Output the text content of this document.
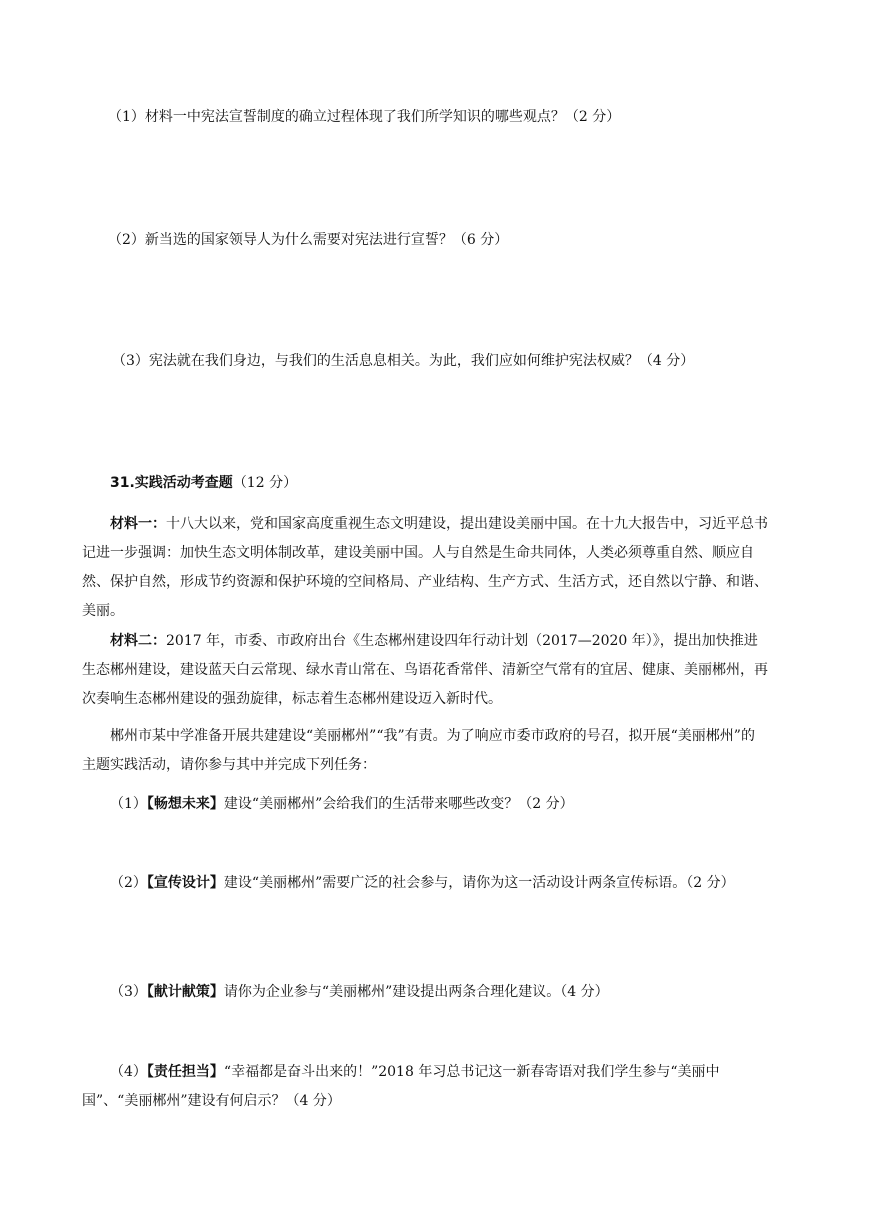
（1）材料一中宪法宣誓制度的确立过程体现了我们所学知识的哪些观点？（2 分）
（2）新当选的国家领导人为什么需要对宪法进行宣誓？（6 分）
（3）宪法就在我们身边，与我们的生活息息相关。为此，我们应如何维护宪法权威？（4 分）
31.实践活动考查题（12 分）
材料一：十八大以来，党和国家高度重视生态文明建设，提出建设美丽中国。在十九大报告中，习近平总书记进一步强调：加快生态文明体制改革，建设美丽中国。人与自然是生命共同体，人类必须尊重自然、顺应自然、保护自然，形成节约资源和保护环境的空间格局、产业结构、生产方式、生活方式，还自然以宁静、和谐、美丽。
材料二：2017 年，市委、市政府出台《生态郴州建设四年行动计划（2017—2020 年）》，提出加快推进生态郴州建设，建设蓝天白云常现、绿水青山常在、鸟语花香常伴、清新空气常有的宜居、健康、美丽郴州，再次奏响生态郴州建设的强劲旋律，标志着生态郴州建设迈入新时代。
郴州市某中学准备开展共建建设“美丽郴州”“我”有责。为了响应市委市政府的号召，拟开展“美丽郴州”的主题实践活动，请你参与其中并完成下列任务：
（1）【畅想未来】建设“美丽郴州”会给我们的生活带来哪些改变？（2 分）
（2）【宣传设计】建设“美丽郴州”需要广泛的社会参与，请你为这一活动设计两条宣传标语。（2 分）
（3）【献计献策】请你为企业参与“美丽郴州”建设提出两条合理化建议。（4 分）
（4）【责任担当】“幸福都是奋斗出来的！”2018 年习总书记这一新春寄语对我们学生参与“美丽中国”、“美丽郴州”建设有何启示？（4 分）
